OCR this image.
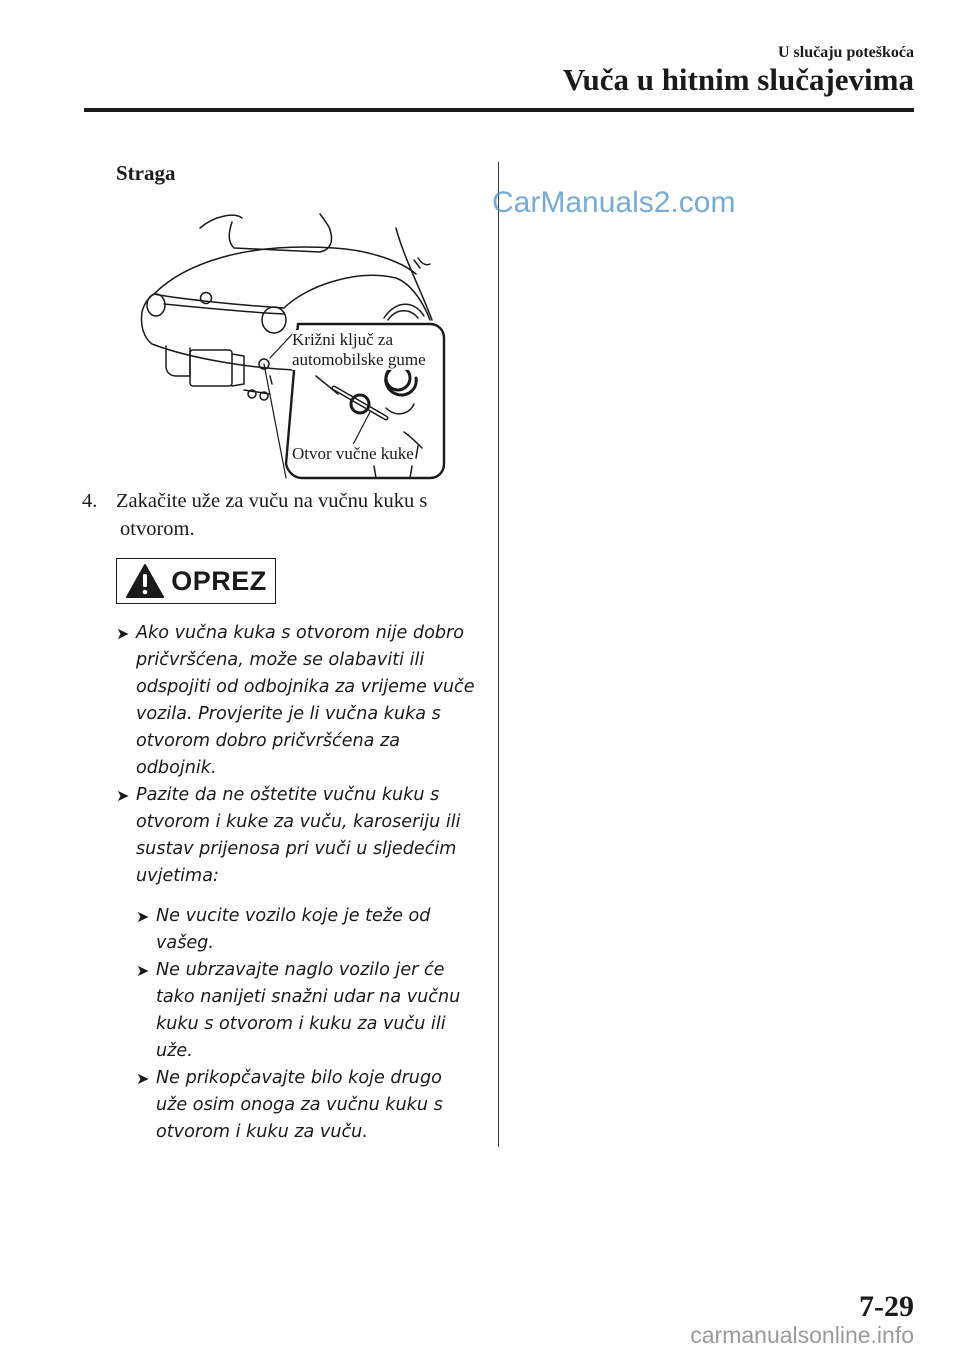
U slučaju poteškoća
Vuča u hitnim slučajevima
CarManuals2.com
Straga
Križni ključ za
automobilske gume
Otvor vučne kuke
4. Zakačite uže za vuču na vučnu kuku s
otvorom.
OPREZ
➤ Ako vučna kuka s otvorom nije dobro pričvršćena, može se olabaviti ili odspojiti od odbojnika za vrijeme vuče vozila. Provjerite je li vučna kuka s otvorom dobro pričvršćena za odbojnik.
➤ Pazite da ne oštetite vučnu kuku s otvorom i kuke za vuču, karoseriju ili sustav prijenosa pri vuči u sljedećim uvjetima:
➤ Ne vucite vozilo koje je teže od vašeg.
➤ Ne ubrzavajte naglo vozilo jer će tako nanijeti snažni udar na vučnu kuku s otvorom i kuku za vuču ili uže.
➤ Ne prikopčavajte bilo koje drugo uže osim onoga za vučnu kuku s otvorom i kuku za vuču.
7-29
carmanualsonline.info
